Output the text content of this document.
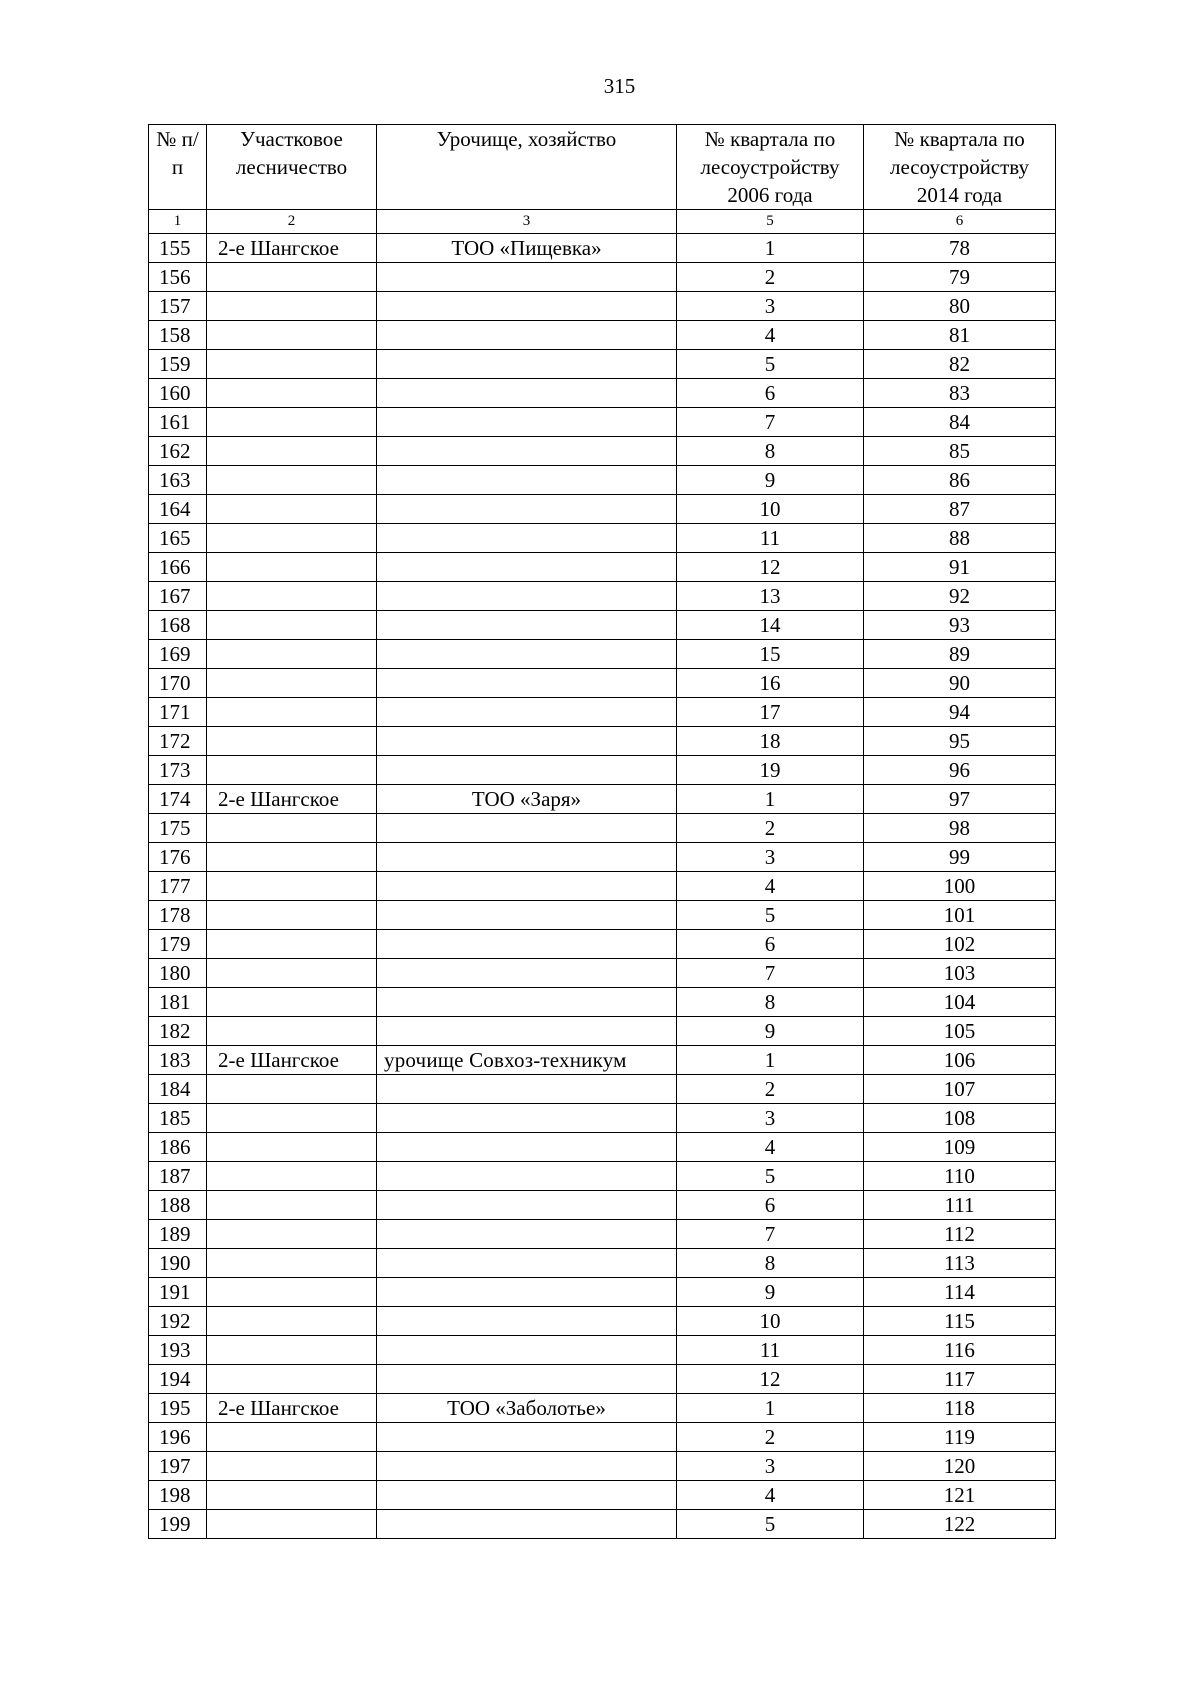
315
№ п/п	Участковое лесничество	Урочище, хозяйство	№ квартала по лесоустройству 2006 года	№ квартала по лесоустройству 2014 года
1	2	3	5	6
155	2-е Шангское	ТОО «Пищевка»	1	78
156			2	79
157			3	80
158			4	81
159			5	82
160			6	83
161			7	84
162			8	85
163			9	86
164			10	87
165			11	88
166			12	91
167			13	92
168			14	93
169			15	89
170			16	90
171			17	94
172			18	95
173			19	96
174	2-е Шангское	ТОО «Заря»	1	97
175			2	98
176			3	99
177			4	100
178			5	101
179			6	102
180			7	103
181			8	104
182			9	105
183	2-е Шангское	урочище Совхоз-техникум	1	106
184			2	107
185			3	108
186			4	109
187			5	110
188			6	111
189			7	112
190			8	113
191			9	114
192			10	115
193			11	116
194			12	117
195	2-е Шангское	ТОО «Заболотье»	1	118
196			2	119
197			3	120
198			4	121
199			5	122
